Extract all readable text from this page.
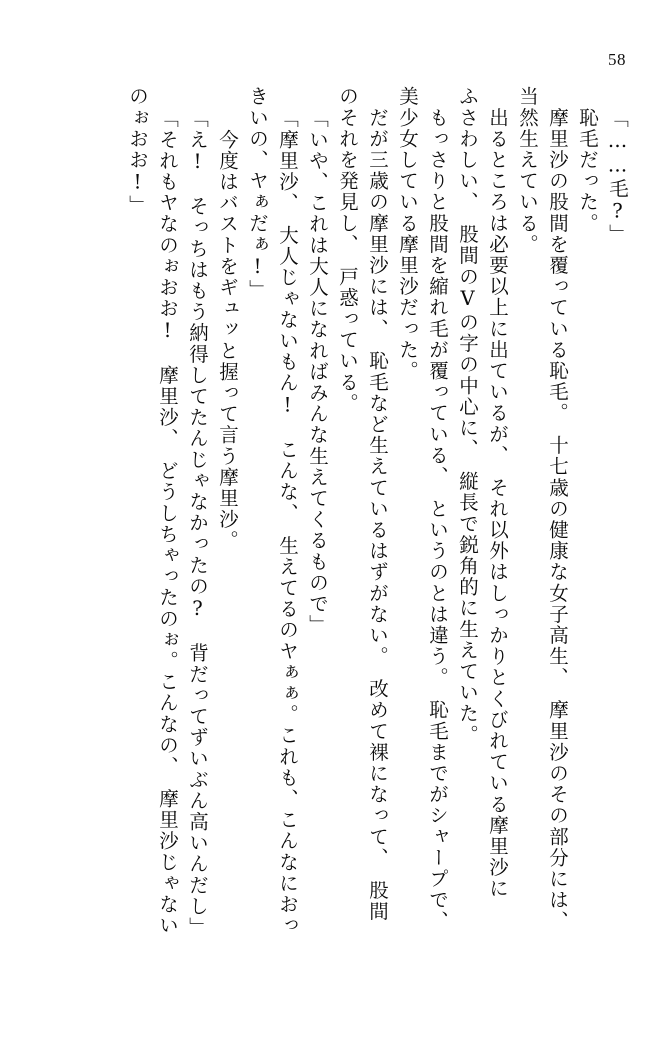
58
「……毛?」
　恥毛だった。
　摩里沙の股間を覆っている恥毛。　十七歳の健康な女子高生、　摩里沙のその部分には、
当然生えている。
　出るところは必要以上に出ているが、　それ以外はしっかりとくびれている摩里沙に
ふさわしい、　股間のVの字の中心に、　縦長で鋭角的に生えていた。
　もっさりと股間を縮れ毛が覆っている、　というのとは違う。　恥毛までがシャープで、
美少女している摩里沙だった。
　だが三歳の摩里沙には、　恥毛など生えているはずがない。　改めて裸になって、　股間
のそれを発見し、　戸惑っている。
「いや、これは大人になればみんな生えてくるもので」
「摩里沙、　大人じゃないもん!　こんな、　生えてるのヤぁぁ。これも、こんなにおっ
きいの、ヤぁだぁ!」
　今度はバストをギュッと握って言う摩里沙。
「え!　そっちはもう納得してたんじゃなかったの?　背だってずいぶん高いんだし」
「それもヤなのぉおお!　摩里沙、　どうしちゃったのぉ。こんなの、　摩里沙じゃない
のぉおお!」
